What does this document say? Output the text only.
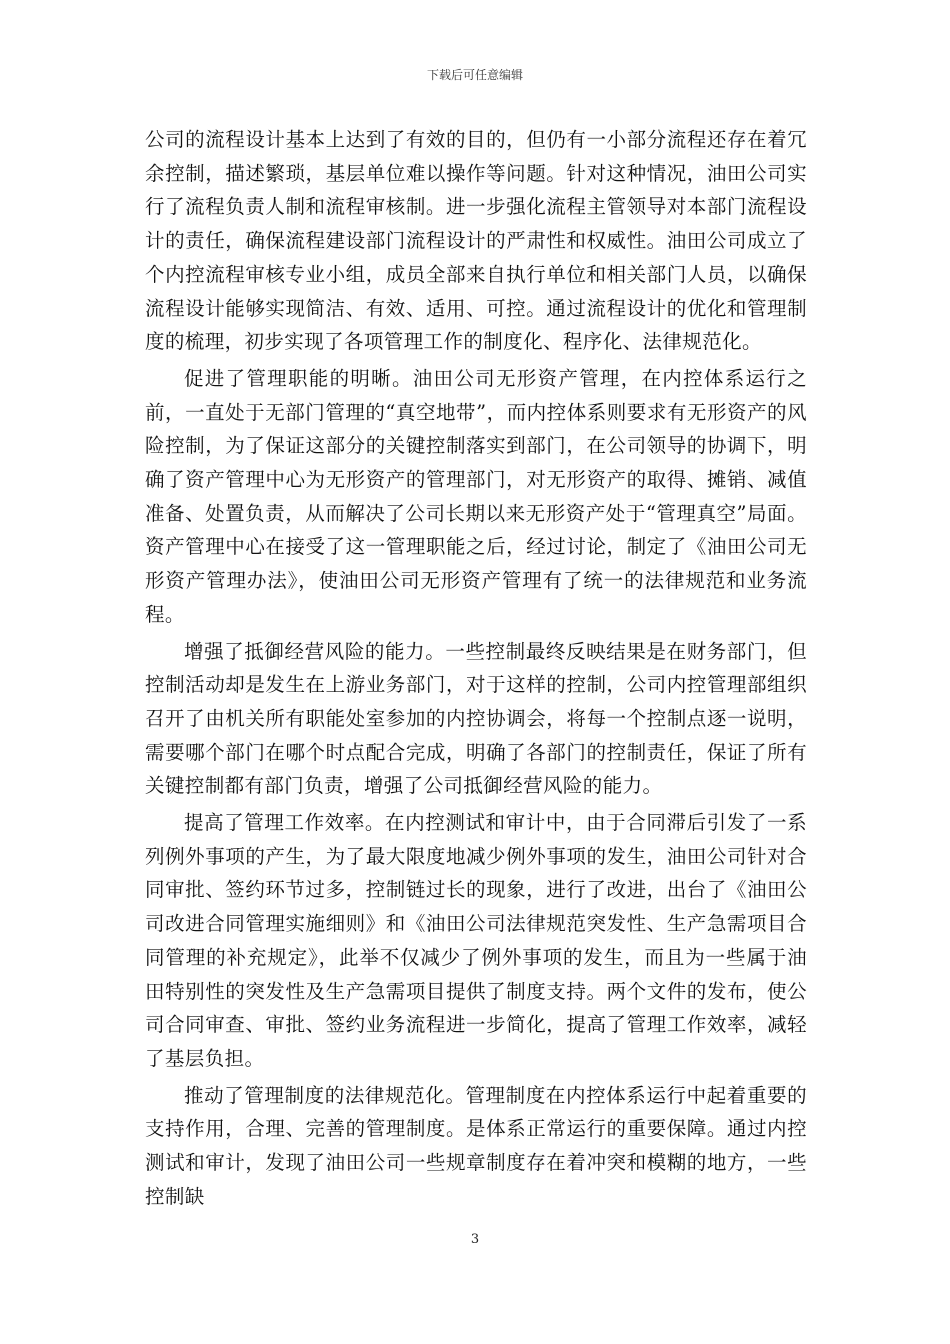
下载后可任意编辑

公司的流程设计基本上达到了有效的目的，但仍有一小部分流程还存在着冗余控制，描述繁琐，基层单位难以操作等问题。针对这种情况，油田公司实行了流程负责人制和流程审核制。进一步强化流程主管领导对本部门流程设计的责任，确保流程建设部门流程设计的严肃性和权威性。油田公司成立了个内控流程审核专业小组，成员全部来自执行单位和相关部门人员，以确保流程设计能够实现简洁、有效、适用、可控。通过流程设计的优化和管理制度的梳理，初步实现了各项管理工作的制度化、程序化、法律规范化。

促进了管理职能的明晰。油田公司无形资产管理，在内控体系运行之前，一直处于无部门管理的“真空地带”，而内控体系则要求有无形资产的风险控制，为了保证这部分的关键控制落实到部门，在公司领导的协调下，明确了资产管理中心为无形资产的管理部门，对无形资产的取得、摊销、减值准备、处置负责，从而解决了公司长期以来无形资产处于“管理真空”局面。资产管理中心在接受了这一管理职能之后，经过讨论，制定了《油田公司无形资产管理办法》，使油田公司无形资产管理有了统一的法律规范和业务流程。

增强了抵御经营风险的能力。一些控制最终反映结果是在财务部门，但控制活动却是发生在上游业务部门，对于这样的控制，公司内控管理部组织召开了由机关所有职能处室参加的内控协调会，将每一个控制点逐一说明，需要哪个部门在哪个时点配合完成，明确了各部门的控制责任，保证了所有关键控制都有部门负责，增强了公司抵御经营风险的能力。

提高了管理工作效率。在内控测试和审计中，由于合同滞后引发了一系列例外事项的产生，为了最大限度地减少例外事项的发生，油田公司针对合同审批、签约环节过多，控制链过长的现象，进行了改进，出台了《油田公司改进合同管理实施细则》和《油田公司法律规范突发性、生产急需项目合同管理的补充规定》，此举不仅减少了例外事项的发生，而且为一些属于油田特别性的突发性及生产急需项目提供了制度支持。两个文件的发布，使公司合同审查、审批、签约业务流程进一步简化，提高了管理工作效率，减轻了基层负担。

推动了管理制度的法律规范化。管理制度在内控体系运行中起着重要的支持作用，合理、完善的管理制度。是体系正常运行的重要保障。通过内控测试和审计，发现了油田公司一些规章制度存在着冲突和模糊的地方，一些控制缺

3
